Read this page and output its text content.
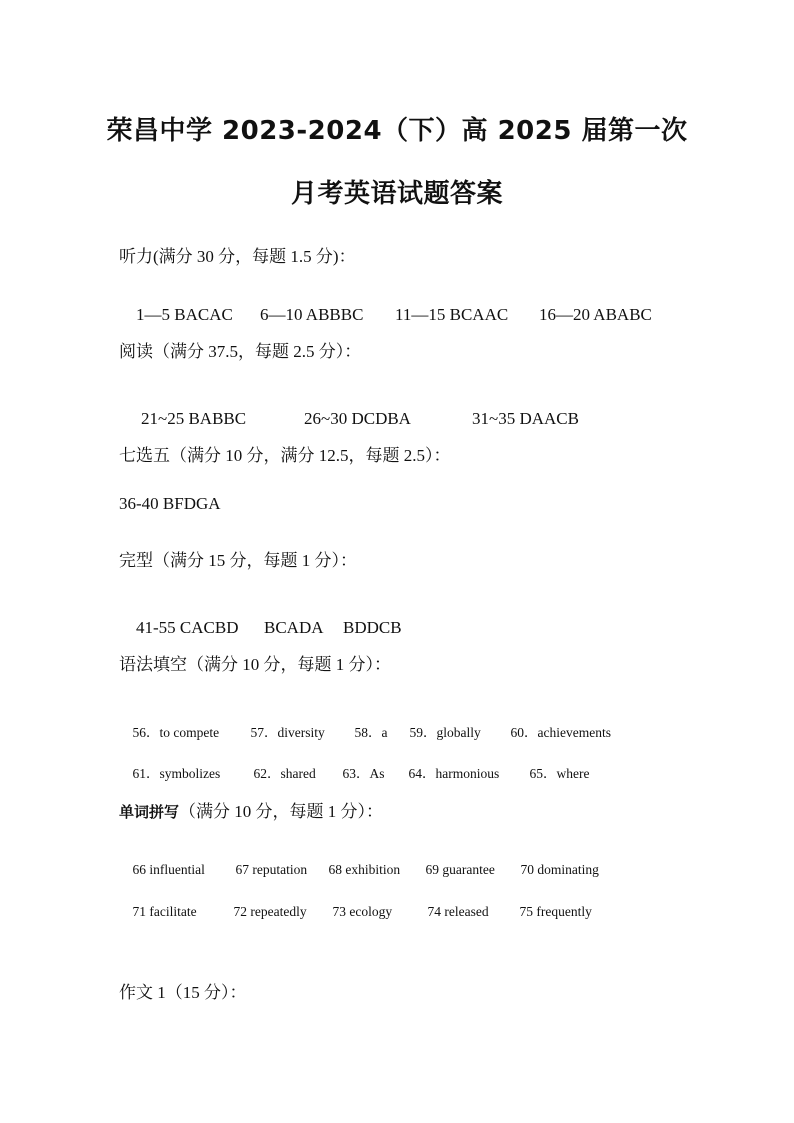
荣昌中学 2023-2024（下）高 2025 届第一次
月考英语试题答案
听力(满分 30 分，每题 1.5 分)：

1—5 BACAC 6—10 ABBBC 11—15 BCAAC 16—20 ABABC

阅读（满分 37.5，每题 2.5 分）：

21~25 BABBC	26~30 DCDBA	31~35 DAACB

七选五（满分 10 分，满分 12.5，每题 2.5）：
36-40 BFDGA
完型（满分 15 分，每题 1 分）：

41-55 CACBD BCADA BDDCB

语法填空（满分 10 分，每题 1 分）：

56．to compete 57．diversity 58．a 59．globally 60．achievements

61．symbolizes 62．shared 63．As 64．harmonious 65．where

单词拼写（满分 10 分，每题 1 分）：

66 influential 67 reputation 68 exhibition 69 guarantee 70 dominating

71 facilitate	72 repeatedly 73 ecology	74 released 75 frequently

作文 1（15 分）：
